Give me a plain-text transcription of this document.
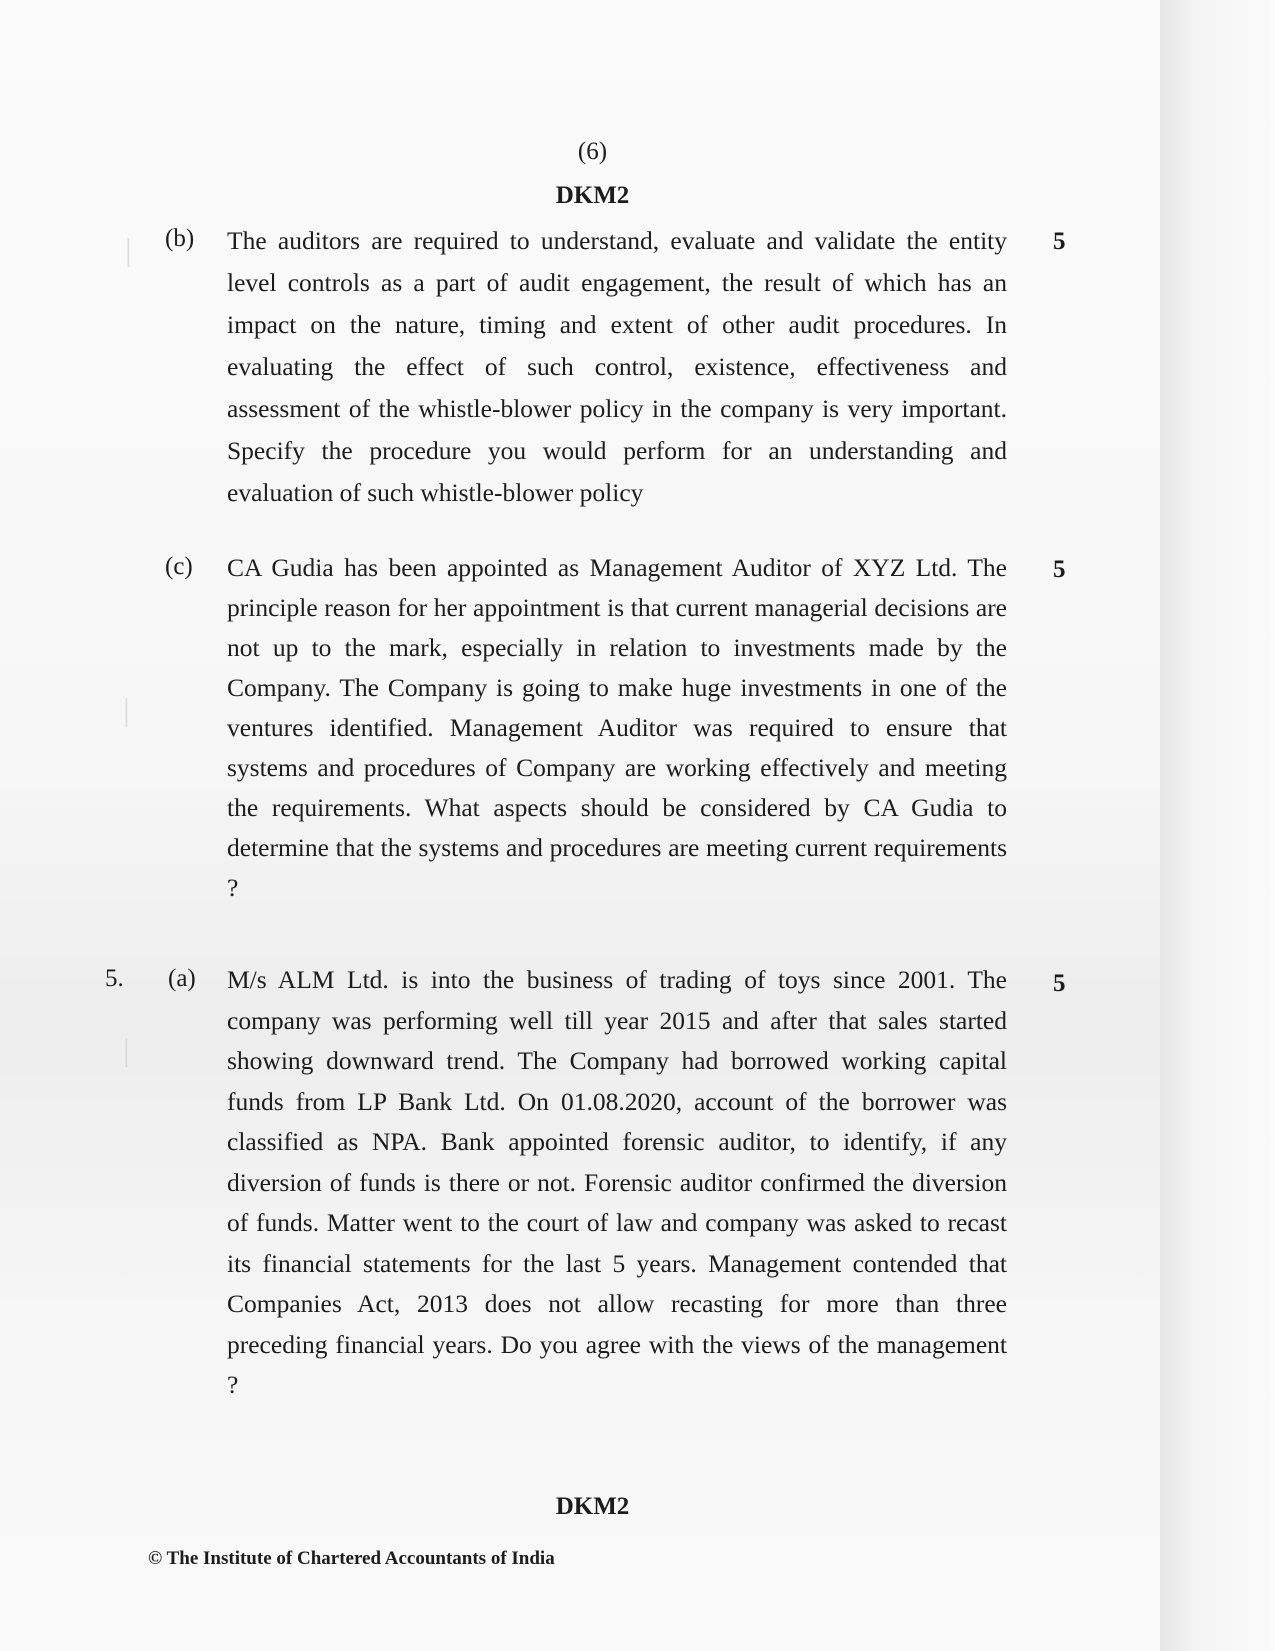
│
│
│
(6)
DKM2
(b)	5

The auditors are required to understand, evaluate and validate the entity level controls as a part of audit engagement, the result of which has an impact on the nature, timing and extent of other audit procedures. In evaluating the effect of such control, existence, effectiveness and assessment of the whistle-blower policy in the company is very important. Specify the procedure you would perform for an understanding and evaluation of such whistle-blower policy

(c)	5

CA Gudia has been appointed as Management Auditor of XYZ Ltd. The principle reason for her appointment is that current managerial decisions are not up to the mark, especially in relation to investments made by the Company. The Company is going to make huge investments in one of the ventures identified. Management Auditor was required to ensure that systems and procedures of Company are working effectively and meeting the requirements. What aspects should be considered by CA Gudia to determine that the systems and procedures are meeting current requirements ?

5. (a)	5

M/s ALM Ltd. is into the business of trading of toys since 2001. The company was performing well till year 2015 and after that sales started showing downward trend. The Company had borrowed working capital funds from LP Bank Ltd. On 01.08.2020, account of the borrower was classified as NPA. Bank appointed forensic auditor, to identify, if any diversion of funds is there or not. Forensic auditor confirmed the diversion of funds. Matter went to the court of law and company was asked to recast its financial statements for the last 5 years. Management contended that Companies Act, 2013 does not allow recasting for more than three preceding financial years. Do you agree with the views of the management ?

DKM2
© The Institute of Chartered Accountants of India
